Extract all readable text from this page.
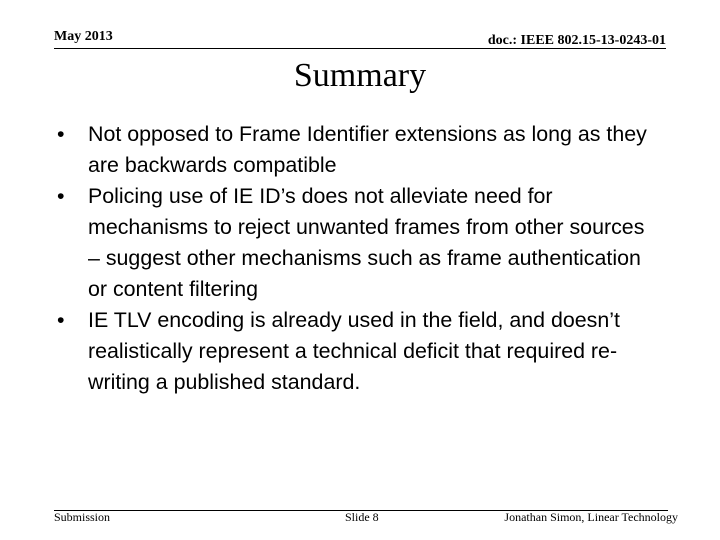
May 2013	doc.: IEEE 802.15-13-0243-01
Summary
• Not opposed to Frame Identifier extensions as long as they are backwards compatible
• Policing use of IE ID’s does not alleviate need for mechanisms to reject unwanted frames from other sources – suggest other mechanisms such as frame authentication or content filtering
• IE TLV encoding is already used in the field, and doesn’t realistically represent a technical deficit that required re-writing a published standard.
Submission	Slide 8	Jonathan Simon, Linear Technology
